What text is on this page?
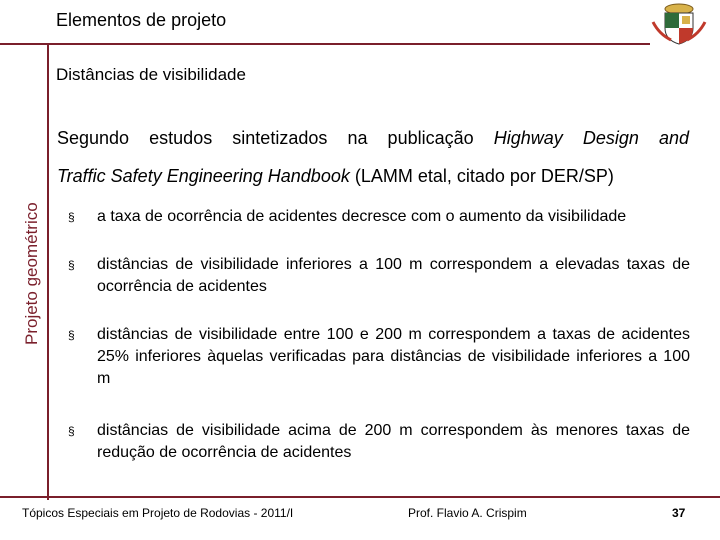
Elementos de projeto
Distâncias de visibilidade
Projeto geométrico
Segundo estudos sintetizados na publicação Highway Design and
Traffic Safety Engineering Handbook (LAMM etal, citado por DER/SP)
§ a taxa de ocorrência de acidentes decresce com o aumento da visibilidade
§ distâncias de visibilidade inferiores a 100 m correspondem a elevadas taxas de ocorrência de acidentes
§ distâncias de visibilidade entre 100 e 200 m correspondem a taxas de acidentes 25% inferiores àquelas verificadas para distâncias de visibilidade inferiores a 100 m
§ distâncias de visibilidade acima de 200 m correspondem às menores taxas de redução de ocorrência de acidentes
Tópicos Especiais em Projeto de Rodovias - 2011/I	Prof. Flavio A. Crispim	37
